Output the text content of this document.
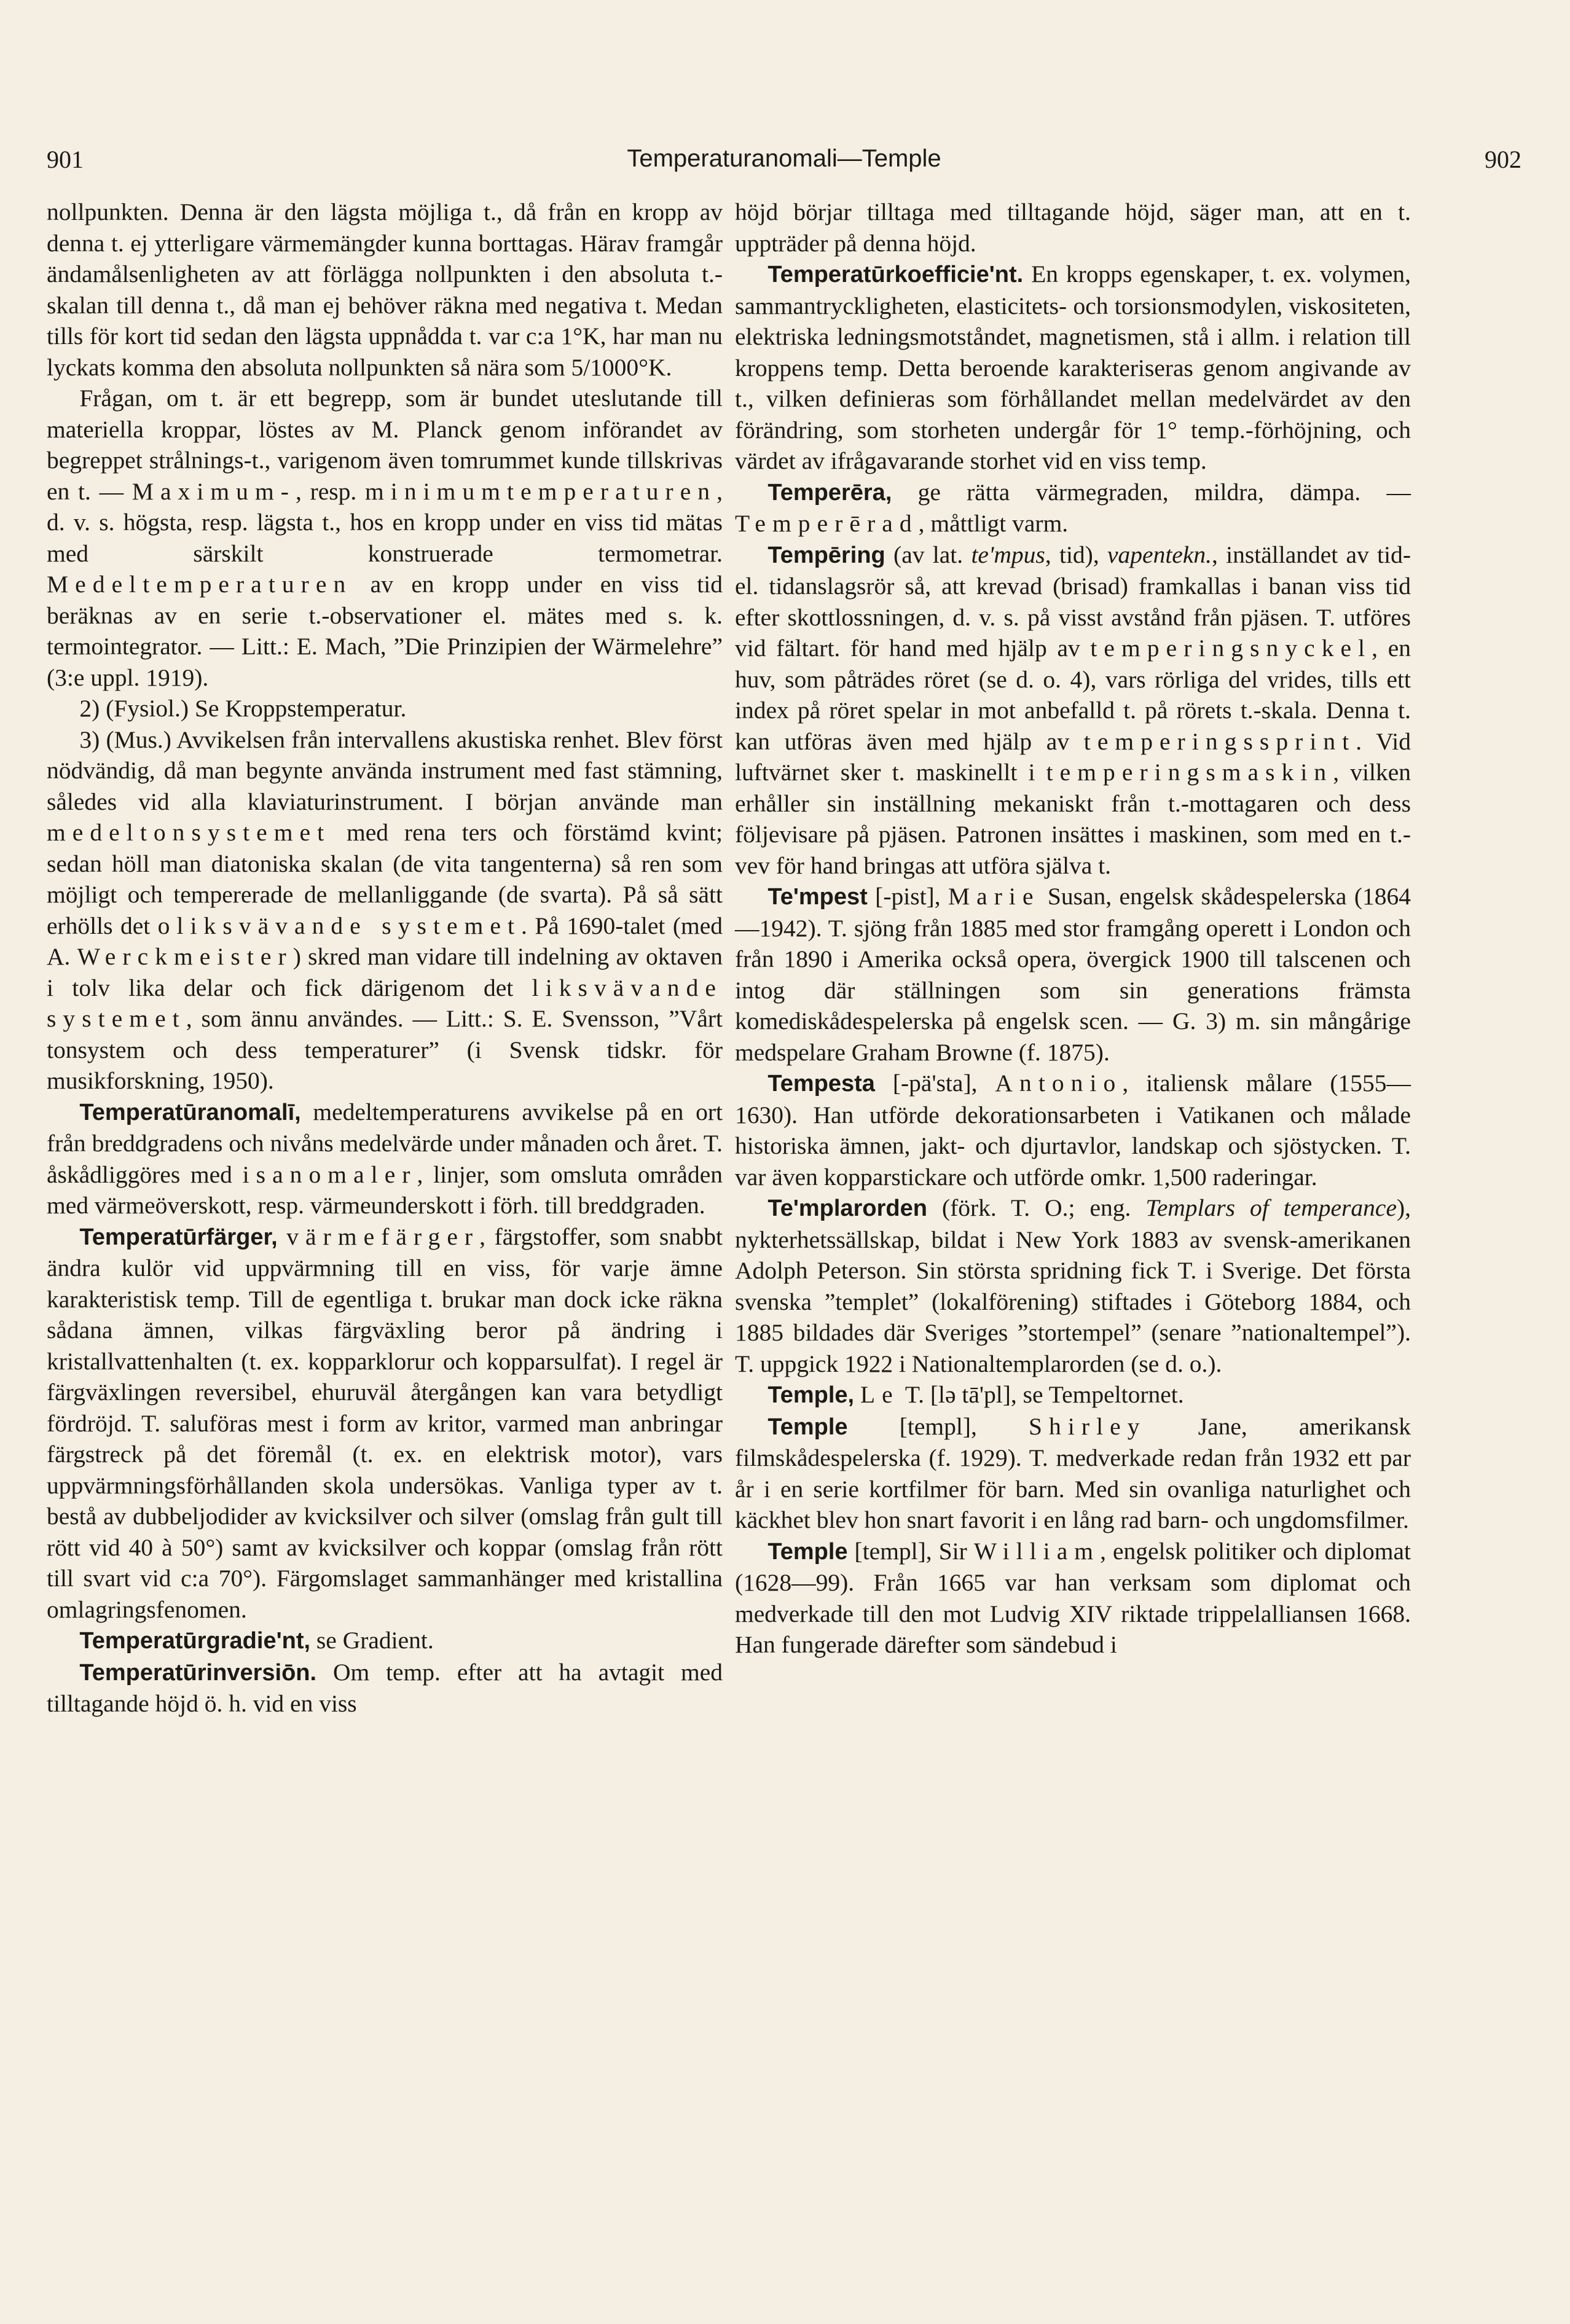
901	Temperaturanomali—Temple	902

nollpunkten. Denna är den lägsta möjliga t., då från en kropp av denna t. ej ytterligare värmemängder kunna borttagas. Härav framgår ändamålsenligheten av att förlägga nollpunkten i den absoluta t.-skalan till denna t., då man ej behöver räkna med negativa t. Medan tills för kort tid sedan den lägsta uppnådda t. var c:a 1°K, har man nu lyckats komma den absoluta nollpunkten så nära som 5/1000°K.

Frågan, om t. är ett begrepp, som är bundet uteslutande till materiella kroppar, löstes av M. Planck genom införandet av begreppet strålnings-t., varigenom även tomrummet kunde tillskrivas en t. — Maximum-, resp. minimumtemperaturen, d. v. s. högsta, resp. lägsta t., hos en kropp under en viss tid mätas med särskilt konstruerade termometrar. Medeltemperaturen av en kropp under en viss tid beräknas av en serie t.-observationer el. mätes med s. k. termointegrator. — Litt.: E. Mach, ”Die Prinzipien der Wärmelehre” (3:e uppl. 1919).

2) (Fysiol.) Se Kroppstemperatur.

3) (Mus.) Avvikelsen från intervallens akustiska renhet. Blev först nödvändig, då man begynte använda instrument med fast stämning, således vid alla klaviaturinstrument. I början använde man medeltonsystemet med rena ters och förstämd kvint; sedan höll man diatoniska skalan (de vita tangenterna) så ren som möjligt och tempererade de mellanliggande (de svarta). På så sätt erhölls det oliksvävande systemet. På 1690-talet (med A. Werckmeister) skred man vidare till indelning av oktaven i tolv lika delar och fick därigenom det liksvävande systemet, som ännu användes. — Litt.: S. E. Svensson, ”Vårt tonsystem och dess temperaturer” (i Svensk tidskr. för musikforskning, 1950).

Temperatūranomalī, medeltemperaturens avvikelse på en ort från breddgradens och nivåns medelvärde under månaden och året. T. åskådliggöres med isanomaler, linjer, som omsluta områden med värmeöverskott, resp. värmeunderskott i förh. till breddgraden.

Temperatūrfärger, värmefärger, färgstoffer, som snabbt ändra kulör vid uppvärmning till en viss, för varje ämne karakteristisk temp. Till de egentliga t. brukar man dock icke räkna sådana ämnen, vilkas färgväxling beror på ändring i kristallvattenhalten (t. ex. kopparklorur och kopparsulfat). I regel är färgväxlingen reversibel, ehuruväl återgången kan vara betydligt fördröjd. T. saluföras mest i form av kritor, varmed man anbringar färgstreck på det föremål (t. ex. en elektrisk motor), vars uppvärmningsförhållanden skola undersökas. Vanliga typer av t. bestå av dubbeljodider av kvicksilver och silver (omslag från gult till rött vid 40 à 50°) samt av kvicksilver och koppar (omslag från rött till svart vid c:a 70°). Färgomslaget sammanhänger med kristallina omlagringsfenomen.

Temperatūrgradie'nt, se Gradient.

Temperatūrinversiōn. Om temp. efter att ha avtagit med tilltagande höjd ö. h. vid en viss

höjd börjar tilltaga med tilltagande höjd, säger man, att en t. uppträder på denna höjd.

Temperatūrkoefficie'nt. En kropps egenskaper, t. ex. volymen, sammantryckligheten, elasticitets- och torsionsmodylen, viskositeten, elektriska ledningsmotståndet, magnetismen, stå i allm. i relation till kroppens temp. Detta beroende karakteriseras genom angivande av t., vilken definieras som förhållandet mellan medelvärdet av den förändring, som storheten undergår för 1° temp.-förhöjning, och värdet av ifrågavarande storhet vid en viss temp.

Temperēra, ge rätta värmegraden, mildra, dämpa. — Temperērad, måttligt varm.

Tempēring (av lat. te'mpus, tid), vapentekn., inställandet av tid- el. tidanslagsrör så, att krevad (brisad) framkallas i banan viss tid efter skottlossningen, d. v. s. på visst avstånd från pjäsen. T. utföres vid fältart. för hand med hjälp av temperingsnyckel, en huv, som påträdes röret (se d. o. 4), vars rörliga del vrides, tills ett index på röret spelar in mot anbefalld t. på rörets t.-skala. Denna t. kan utföras även med hjälp av temperingssprint. Vid luftvärnet sker t. maskinellt i temperingsmaskin, vilken erhåller sin inställning mekaniskt från t.-mottagaren och dess följevisare på pjäsen. Patronen insättes i maskinen, som med en t.-vev för hand bringas att utföra själva t.

Te'mpest [-pist], Marie Susan, engelsk skådespelerska (1864—1942). T. sjöng från 1885 med stor framgång operett i London och från 1890 i Amerika också opera, övergick 1900 till talscenen och intog där ställningen som sin generations främsta komediskådespelerska på engelsk scen. — G. 3) m. sin mångårige medspelare Graham Browne (f. 1875).

Tempesta [-pä'sta], Antonio, italiensk målare (1555—1630). Han utförde dekorationsarbeten i Vatikanen och målade historiska ämnen, jakt- och djurtavlor, landskap och sjöstycken. T. var även kopparstickare och utförde omkr. 1,500 raderingar.

Te'mplarorden (förk. T. O.; eng. Templars of temperance), nykterhetssällskap, bildat i New York 1883 av svensk-amerikanen Adolph Peterson. Sin största spridning fick T. i Sverige. Det första svenska ”templet” (lokalförening) stiftades i Göteborg 1884, och 1885 bildades där Sveriges ”stortempel” (senare ”nationaltempel”). T. uppgick 1922 i Nationaltemplarorden (se d. o.).

Temple, Le T. [lə tā'pl], se Tempeltornet.

Temple [templ], Shirley Jane, amerikansk filmskådespelerska (f. 1929). T. medverkade redan från 1932 ett par år i en serie kortfilmer för barn. Med sin ovanliga naturlighet och käckhet blev hon snart favorit i en lång rad barn- och ungdomsfilmer.

Temple [templ], Sir William, engelsk politiker och diplomat (1628—99). Från 1665 var han verksam som diplomat och medverkade till den mot Ludvig XIV riktade trippelalliansen 1668. Han fungerade därefter som sändebud i
